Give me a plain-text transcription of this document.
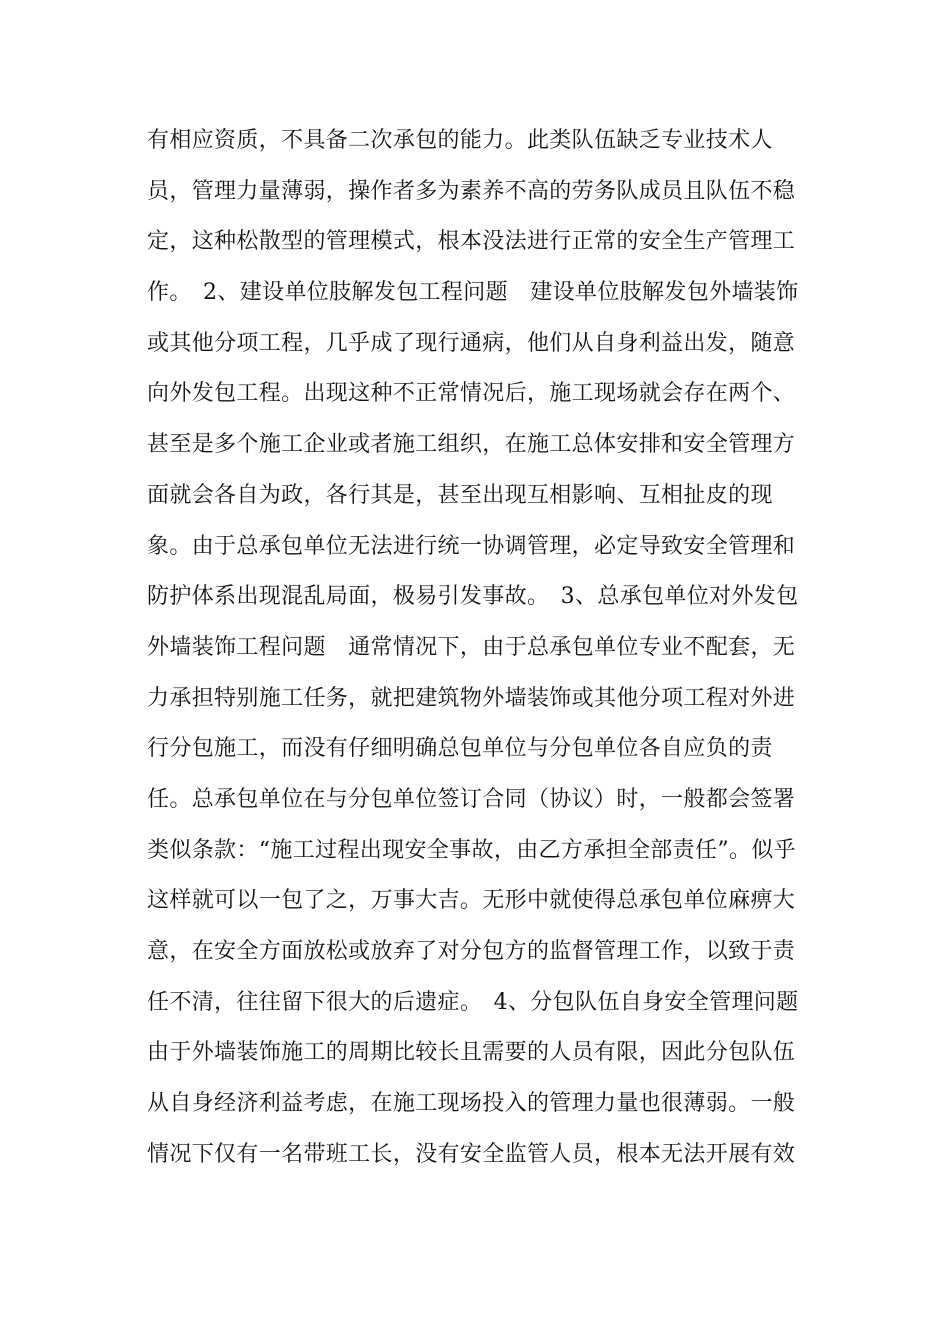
有相应资质，不具备二次承包的能力。此类队伍缺乏专业技术人
员，管理力量薄弱，操作者多为素养不高的劳务队成员且队伍不稳
定，这种松散型的管理模式，根本没法进行正常的安全生产管理工
作。　2、建设单位肢解发包工程问题　建设单位肢解发包外墙装饰
或其他分项工程，几乎成了现行通病，他们从自身利益出发，随意
向外发包工程。出现这种不正常情况后，施工现场就会存在两个、
甚至是多个施工企业或者施工组织，在施工总体安排和安全管理方
面就会各自为政，各行其是，甚至出现互相影响、互相扯皮的现
象。由于总承包单位无法进行统一协调管理，必定导致安全管理和
防护体系出现混乱局面，极易引发事故。　3、总承包单位对外发包
外墙装饰工程问题　通常情况下，由于总承包单位专业不配套，无
力承担特别施工任务，就把建筑物外墙装饰或其他分项工程对外进
行分包施工，而没有仔细明确总包单位与分包单位各自应负的责
任。总承包单位在与分包单位签订合同（协议）时，一般都会签署
类似条款：“施工过程出现安全事故，由乙方承担全部责任”。似乎
这样就可以一包了之，万事大吉。无形中就使得总承包单位麻痹大
意，在安全方面放松或放弃了对分包方的监督管理工作，以致于责
任不清，往往留下很大的后遗症。　4、分包队伍自身安全管理问题
由于外墙装饰施工的周期比较长且需要的人员有限，因此分包队伍
从自身经济利益考虑，在施工现场投入的管理力量也很薄弱。一般
情况下仅有一名带班工长，没有安全监管人员，根本无法开展有效
